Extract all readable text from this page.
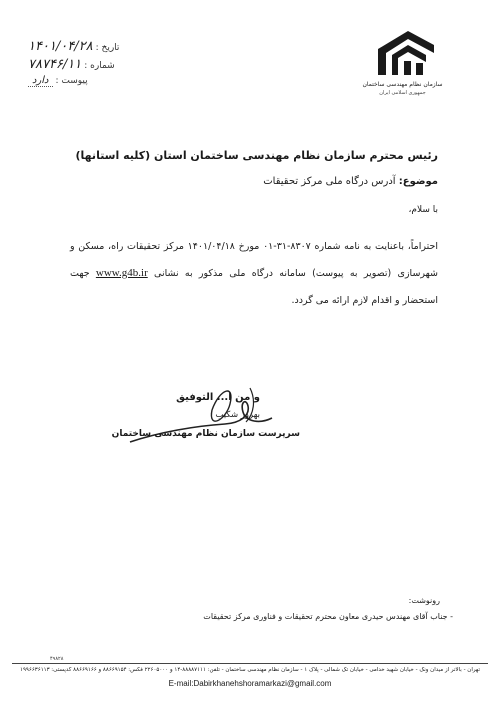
تاریخ :
۱۴۰۱/۰۴/۲۸
شماره :
۷۸۷۴۶/۱۱
پیوست :
دارد	سازمان نظام مهندسی ساختمان
جمهوری اسلامی ایران
رئیس محترم سازمان نظام مهندسی ساختمان استان (کلیه استانها)
موضوع: آدرس درگاه ملی مرکز تحقیقات
با سلام،
احتراماً، باعنایت به نامه شماره ۸۳۰۷-۳۱-۰۱ مورخ ۱۴۰۱/۰۴/۱۸ مرکز تحقیقات راه، مسکن و شهرسازی (تصویر به پیوست) سامانه درگاه ملی مذکور به نشانی www.g4b.ir جهت استحضار و اقدام لازم ارائه می گردد.
و من ا... التوفیق
بهروز شکیب
سرپرست سازمان نظام مهندسی ساختمان
رونوشت:
- جناب آقای مهندس حیدری معاون محترم تحقیقات و فناوری مرکز تحقیقات
۴۹۸۲۸
تهران - بالاتر از میدان ونک - خیابان شهید خدامی - خیابان تک شمالی - پلاک ۱ - سازمان نظام مهندسی ساختمان - تلفن: ۸۸۸۸۷۱۱۱-۱۴ و ۲۲۶۰۵۰۰۰ فکس: ۸۸۶۶۹۱۵۴ و ۸۸۶۶۹۱۶۶ کدپستی: ۱۹۹۶۶۳۶۱۱۳
E-mail:Dabirkhanehshoramarkazi@gmail.com
